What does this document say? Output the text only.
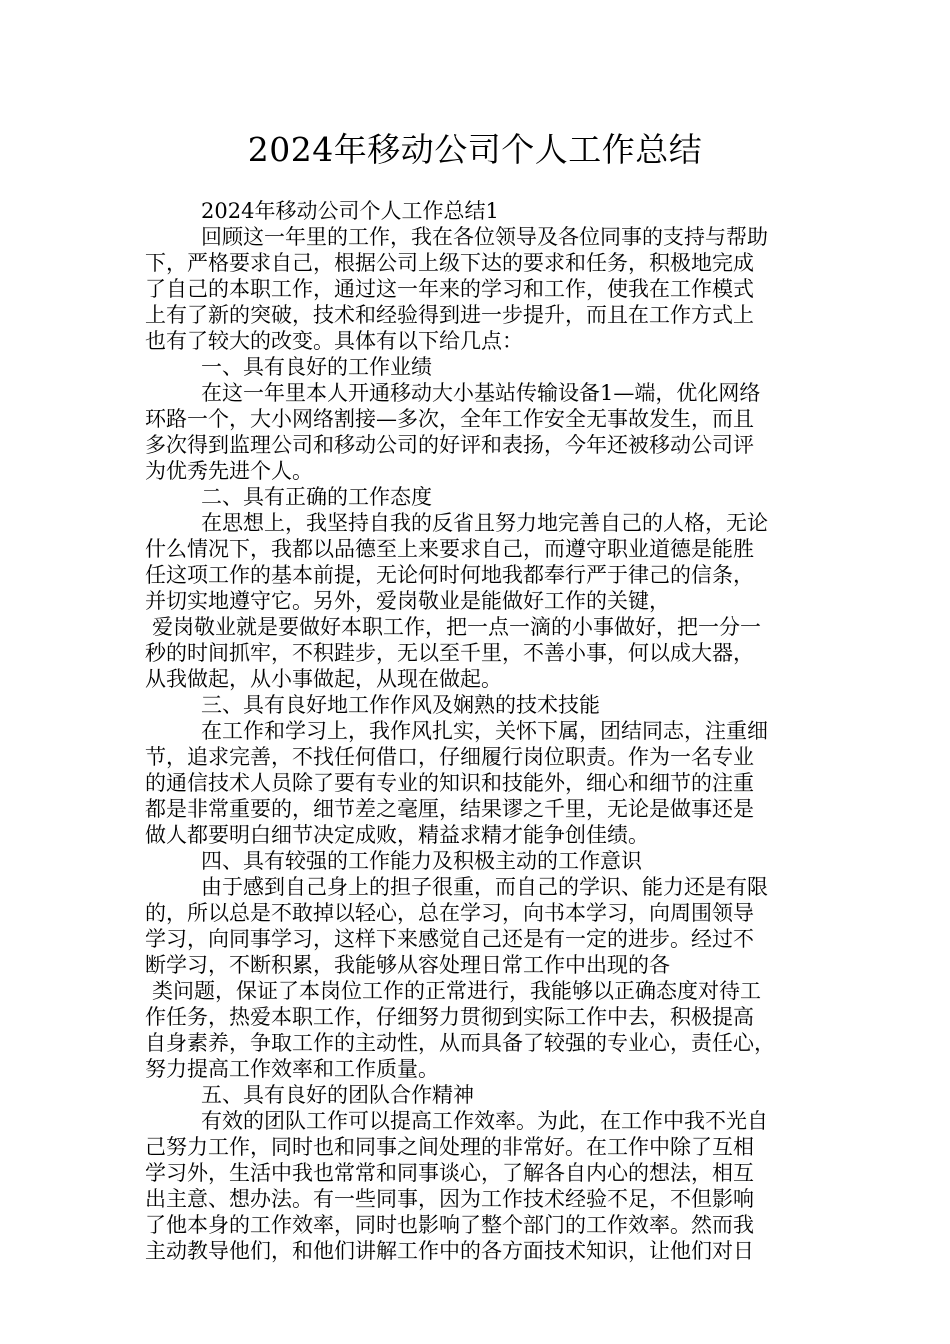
2024年移动公司个人工作总结

2024年移动公司个人工作总结1

回顾这一年里的工作，我在各位领导及各位同事的支持与帮助

下，严格要求自己，根据公司上级下达的要求和任务，积极地完成

了自己的本职工作，通过这一年来的学习和工作，使我在工作模式

上有了新的突破，技术和经验得到进一步提升，而且在工作方式上

也有了较大的改变。具体有以下给几点：

一、具有良好的工作业绩

在这一年里本人开通移动大小基站传输设备1—端，优化网络

环路一个，大小网络割接—多次，全年工作安全无事故发生，而且

多次得到监理公司和移动公司的好评和表扬，今年还被移动公司评

为优秀先进个人。

二、具有正确的工作态度

在思想上，我坚持自我的反省且努力地完善自己的人格，无论

什么情况下，我都以品德至上来要求自己，而遵守职业道德是能胜

任这项工作的基本前提，无论何时何地我都奉行严于律己的信条，

并切实地遵守它。另外，爱岗敬业是能做好工作的关键，

爱岗敬业就是要做好本职工作，把一点一滴的小事做好，把一分一

秒的时间抓牢，不积跬步，无以至千里，不善小事，何以成大器，

从我做起，从小事做起，从现在做起。

三、具有良好地工作作风及娴熟的技术技能

在工作和学习上，我作风扎实，关怀下属，团结同志，注重细

节，追求完善，不找任何借口，仔细履行岗位职责。作为一名专业

的通信技术人员除了要有专业的知识和技能外，细心和细节的注重

都是非常重要的，细节差之毫厘，结果谬之千里，无论是做事还是

做人都要明白细节决定成败，精益求精才能争创佳绩。

四、具有较强的工作能力及积极主动的工作意识

由于感到自己身上的担子很重，而自己的学识、能力还是有限

的，所以总是不敢掉以轻心，总在学习，向书本学习，向周围领导

学习，向同事学习，这样下来感觉自己还是有一定的进步。经过不

断学习，不断积累，我能够从容处理日常工作中出现的各

类问题，保证了本岗位工作的正常进行，我能够以正确态度对待工

作任务，热爱本职工作，仔细努力贯彻到实际工作中去，积极提高

自身素养，争取工作的主动性，从而具备了较强的专业心，责任心，

努力提高工作效率和工作质量。

五、具有良好的团队合作精神

有效的团队工作可以提高工作效率。为此，在工作中我不光自

己努力工作，同时也和同事之间处理的非常好。在工作中除了互相

学习外，生活中我也常常和同事谈心，了解各自内心的想法，相互

出主意、想办法。有一些同事，因为工作技术经验不足，不但影响

了他本身的工作效率，同时也影响了整个部门的工作效率。然而我

主动教导他们，和他们讲解工作中的各方面技术知识，让他们对日
